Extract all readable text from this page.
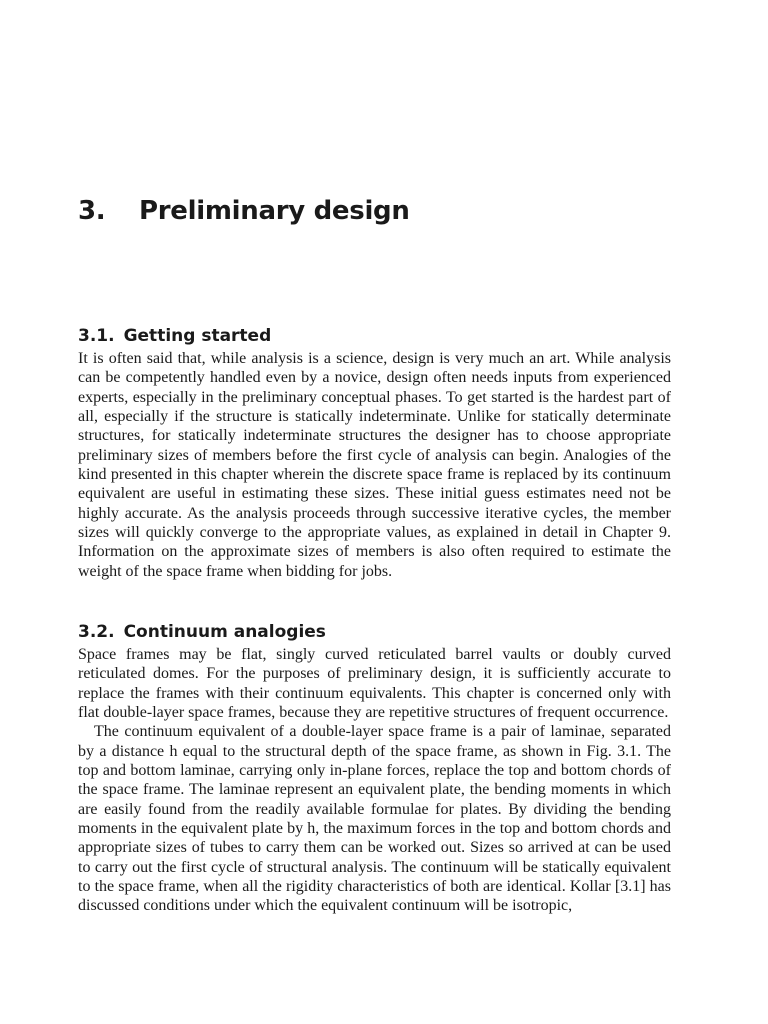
3. Preliminary design
3.1. Getting started

It is often said that, while analysis is a science, design is very much an art. While analysis can be competently handled even by a novice, design often needs inputs from experienced experts, especially in the preliminary conceptual phases. To get started is the hardest part of all, especially if the structure is statically indeterminate. Unlike for statically determinate structures, for statically indeterminate structures the designer has to choose appropriate preliminary sizes of members before the first cycle of analysis can begin. Analogies of the kind presented in this chapter wherein the discrete space frame is replaced by its continuum equivalent are useful in estimating these sizes. These initial guess estimates need not be highly accurate. As the analysis proceeds through successive iterative cycles, the member sizes will quickly converge to the appropriate values, as explained in detail in Chapter 9. Information on the approximate sizes of members is also often required to estimate the weight of the space frame when bidding for jobs.

3.2. Continuum analogies

Space frames may be flat, singly curved reticulated barrel vaults or doubly curved reticulated domes. For the purposes of preliminary design, it is sufficiently accurate to replace the frames with their continuum equivalents. This chapter is concerned only with flat double-layer space frames, because they are repetitive structures of frequent occurrence.

The continuum equivalent of a double-layer space frame is a pair of laminae, separated by a distance h equal to the structural depth of the space frame, as shown in Fig. 3.1. The top and bottom laminae, carrying only in-plane forces, replace the top and bottom chords of the space frame. The laminae represent an equivalent plate, the bending moments in which are easily found from the readily available formulae for plates. By dividing the bending moments in the equivalent plate by h, the maximum forces in the top and bottom chords and appropriate sizes of tubes to carry them can be worked out. Sizes so arrived at can be used to carry out the first cycle of structural analysis. The continuum will be statically equivalent to the space frame, when all the rigidity characteristics of both are identical. Kollar [3.1] has discussed conditions under which the equivalent continuum will be isotropic,
